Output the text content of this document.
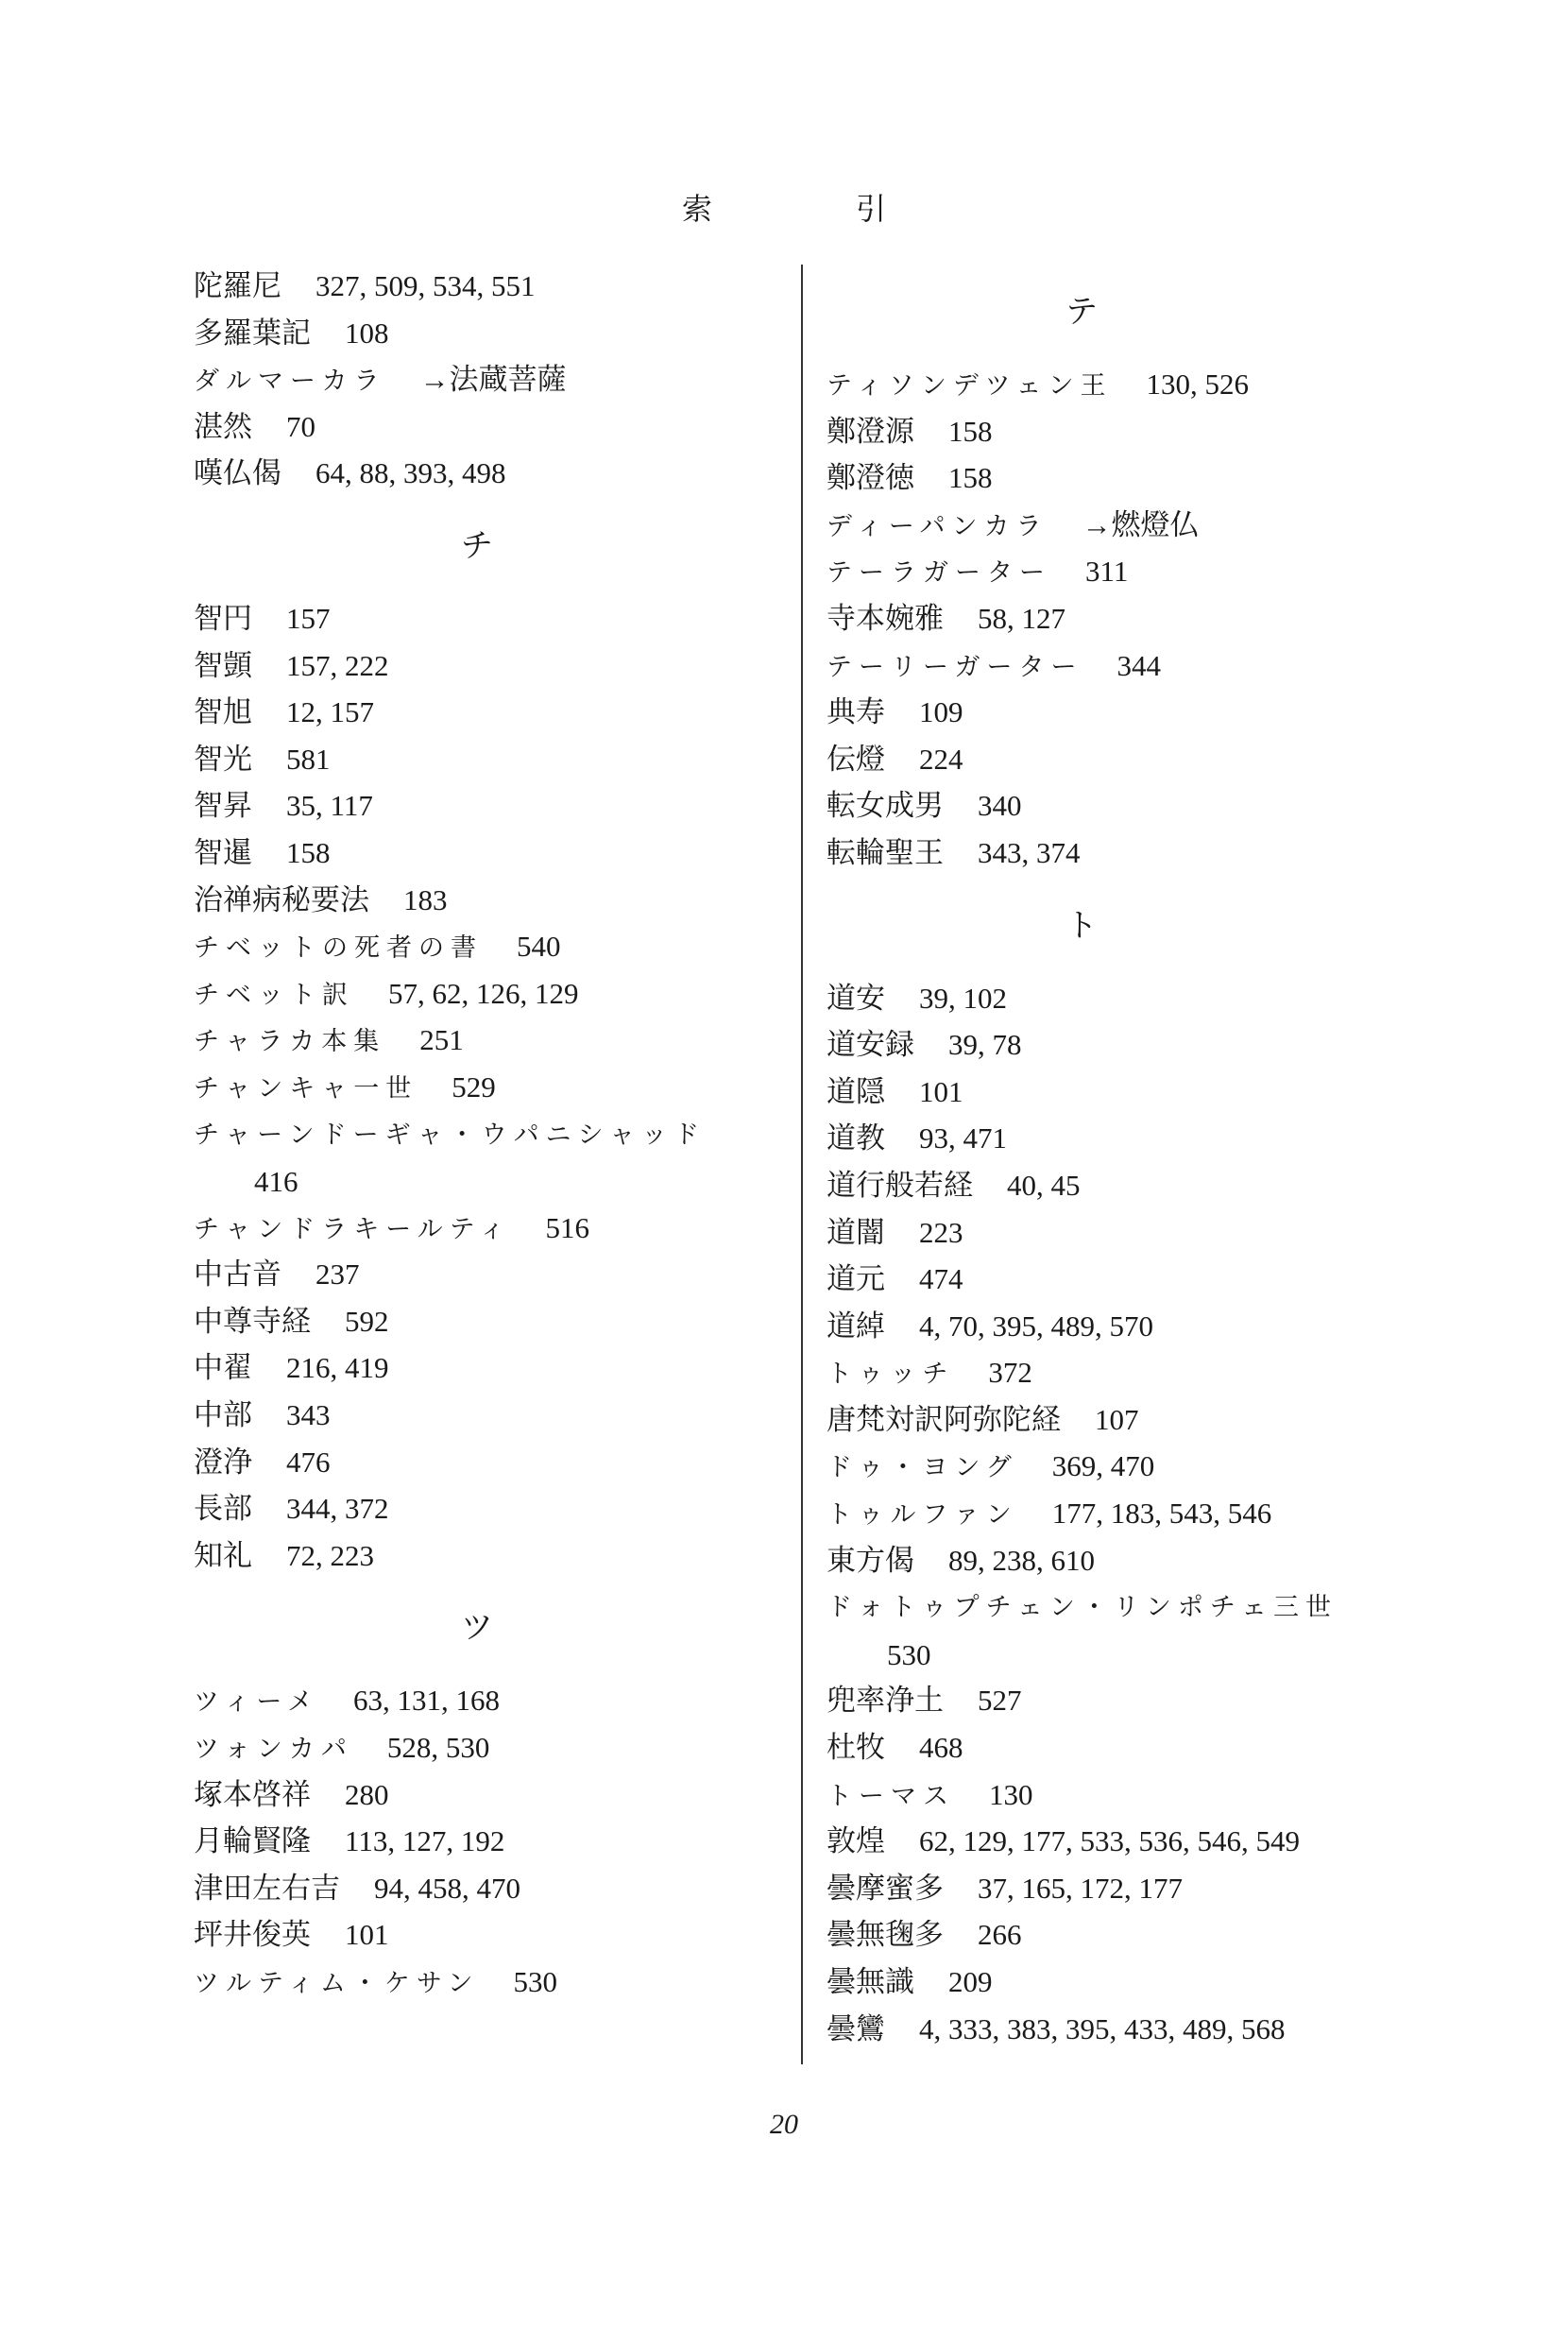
索　引
陀羅尼 327, 509, 534, 551
多羅葉記 108
ダルマーカラ →法蔵菩薩
湛然 70
嘆仏偈 64, 88, 393, 498
チ
智円 157
智顗 157, 222
智旭 12, 157
智光 581
智昇 35, 117
智暹 158
治禅病秘要法 183
チベットの死者の書 540
チベット訳 57, 62, 126, 129
チャラカ本集 251
チャンキャ一世 529
チャーンドーギャ・ウパニシャッド
416
チャンドラキールティ 516
中古音 237
中尊寺経 592
中翟 216, 419
中部 343
澄浄 476
長部 344, 372
知礼 72, 223
ツ
ツィーメ 63, 131, 168
ツォンカパ 528, 530
塚本啓祥 280
月輪賢隆 113, 127, 192
津田左右吉 94, 458, 470
坪井俊英 101
ツルティム・ケサン 530
テ
ティソンデツェン王 130, 526
鄭澄源 158
鄭澄徳 158
ディーパンカラ →燃燈仏
テーラガーター 311
寺本婉雅 58, 127
テーリーガーター 344
典寿 109
伝燈 224
転女成男 340
転輪聖王 343, 374
ト
道安 39, 102
道安録 39, 78
道隠 101
道教 93, 471
道行般若経 40, 45
道闇 223
道元 474
道綽 4, 70, 395, 489, 570
トゥッチ 372
唐梵対訳阿弥陀経 107
ドゥ・ヨング 369, 470
トゥルファン 177, 183, 543, 546
東方偈 89, 238, 610
ドォトゥプチェン・リンポチェ三世
530
兜率浄土 527
杜牧 468
トーマス 130
敦煌 62, 129, 177, 533, 536, 546, 549
曇摩蜜多 37, 165, 172, 177
曇無毱多 266
曇無識 209
曇鸞 4, 333, 383, 395, 433, 489, 568
20
